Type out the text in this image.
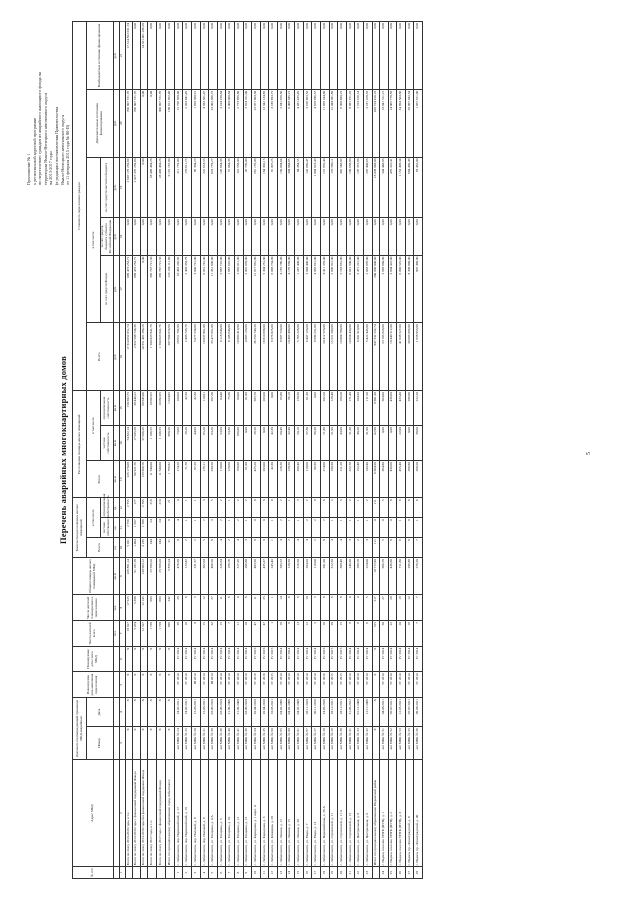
5
Приложение № 1 к региональной адресной программе по переселению граждан из аварийного жилищного фонда на территории Ямало-Ненецкого автономного округа на 2013-2017 годы (в редакции постановления Правительства Ямало-Ненецкого автономного округа от 11 февраля 2015 года № 80-П)
Перечень аварийных многоквартирных домов
№ п/п	Адрес МКД	Документ, подтверждающий признание МКД аварийным		Планируемая дата окончания переселения	Планируемая дата сноса МКД	Число жителей всего	Число жителей планируемых к переселению	Общая площадь жилых помещений МКД	Количество расселяемых жилых помещений			Расселяемая площадь жилых помещений			Стоимость переселения граждан					
		Номер	Дата						Всего	в том числе		Всего	в том числе		Всего	в том числе			Дополнительные источники финансирования	Внебюджетные источники финансирования
										частная собственность	муниципальная собственность		частная собственность	муниципальная собственность		за счет средств Фонда	за счет средств бюджета субъекта Российской Федерации	за счет средств местного бюджета		
						чел.	чел.	кв.м	ед.	ед.	ед.	кв.м	кв.м	кв.м	руб.	руб.	руб.	руб.	руб.	руб.
1	2	3	4	5	6	7	8	9	10	11	12	13	14	15	16	17	18	19	20	21
	Всего по этапу 2013-2016 годы, в т.ч.:	X	X	X	X	18 017	17 525	229 891,14	5 201	2 756	2 755	225 178,08	74 822,14	150 682,75	17 314 052 051,74	699 473 253,71	0,00	2 607 179 259,69	706 907 721,76	17 314 852 051,74
	Всего по этапу 2013-2016 годы с финансовой поддержкой Фонда	X	X	X	X	5 474	5 380	91 181,70	1 404	1 057	177	66 921,76	17 035,58	38 446,22	2 852 588 734,36	699 473 253,71	0,00	2 027 376 259,60	706 807 721,76	0,00
	Всего по этапу 2013-2016 годы без финансовой поддержки Фонда	X	X	X	X	12 527	12 145	138 663,12	3 185	1 599	2 705	155 996,76	57 056,26	98 645,06	14 351 461 286,28	0,00	0,00	0,00	0,00	14 351 461 286,28
	Всего по этапу 2017 года, в т.ч.:	X	X	X	X	1 728	683	25 599,20	244	24	210	11 540,00	1 106,55	10 092,65	1 584 823 841,76	385 767 721,50	0,00	28 468 494,26	0,00	0,00
	Всего по этапу 2017 года с финансовой поддержкой Фонда	X	X	X	X	1 728	683	25 599,20	244	24	210	11 540,00	1 106,55	10 092,65	1 584 823 841,76	385 767 721,50	0,00	28 468 494,26	306 907 721,76	0,00
	Итого по муниципальному образованию город Лабытнанги	X	X	X	X	699	242	5 859,24	21	0	21	1 799,82	998,20	1 024,05	287 904 674,90	123 194 111,80	0,00	6 101 167,00	160 611 362,40	0,00
1	г. Лабытнанги, пер. Первомайский, д. 17	акт МВК № 24	24.02.2011	IV 2014	IV 2014	28	26	476,30	8	4	4	174,20	73,60	100,60	28 951 702,80	10 493 226,82	0,00	211 779,00	15 756 568,00	0,00
2	г. Лабытнанги, пер. Первомайский, д. 19	акт МВК № 25	24.02.2011	IV 2014	IV 2014	10	6	173,82	2	1	1	71,70	29,20	42,50	2 406 733,79	2 403 333,79	0,00	170 611,73	2 203 441,45	0,00
3	г. Лабытнанги, пер. Полевой, д. 8	акт МВК № 50	15.03.2011	III 2014	IV 2014	8	5	231,57	2	1	1	87,20	44,90	42,30	5 077 234,00	3 000 721,00	0,00	99 304,23	1 958 300,91	0,00
4	г. Лабытнанги, пер. Полевой, д. 9	акт МВК № 51	15.03.2011	IV 2014	IV 2014	15	12	362,63	5	2	3	176,11	65,20	110,91	10 837 861,00	6 031 741,00	0,00	222 618,53	4 583 501,47	0,00
5	г. Лабытнанги, ул. Гагарина, д. 4 А	акт МВК № 38	03.06.2010	III 2014	IV 2014	32	27	406,50	8	3	5	330,50	63,20	267,30	35 477 691,00	11 451 606,00	0,00	623 778,27	23 402 306,73	0,00
6	г. Лабытнанги, ул. Гагарина, д. 5	акт МВК № 39	03.06.2010	IV 2014	IV 2014	15	11	226,34	4	2	2	118,00	53,60	64,40	9 118 640,00	5 887 725,00	0,00	126 664,36	3 104 250,64	0,00
7	г. Лабытнанги, ул. Гагарина, д. 10	акт МВК № 40	21.09.2009	IV 2014	IV 2014	7	6	199,76	2	1	1	128,60	53,30	75,30	8 108 640,00	1 987 625,00	0,00	51 064,36	2 060 000,64	0,00
8	г. Лабытнанги, ул. Гагарина, д. 12	акт МВК № 41	21.09.2009	IV 2014	IV 2014	11	8	317,26	4	2	2	199,00	109,00	90,00	10 890 410,80	2 882 011,00	0,00	116 558,00	2 773 999,80	0,00
9	г. Лабытнанги, ул. Гагарина, д. 15	акт МВК № 36	03.06.2010	IV 2014	IV 2014	10	8	209,80	3	1	2	61,90	0,00	61,90	4 863 120,00	2 001 070,00	0,00	47 739,00	2 814 311,00	0,00
10	г. Лабытнанги, ул. Карьерная, д. 1 корп. А	акт МВК № 34	20.04.2010	IV 2016	IV 2016	47	11	483,30	8	0	8	425,20	29,50	395,70	36 250 740,30	12 917 961,00	0,00	261 176,00	23 071 603,30	0,00
11	г. Лабытнанги, ул. Карьерная, д. 3	акт МВК № 35	20.04.2010	IV 2016	IV 2016	47	25	435,37	8	0	8	203,00	0,00	203,00	18 810 688,00	5 304 251,00	0,00	164 302,15	13 342 134,85	0,00
12	г. Лабытнанги, ул. Комарова, д. 28	акт МВК № 90	10.05.2011	IV 2015	IV 2015	1	1	245,40	1	1	0	42,30	42,30	0,00	9 376 825,00	6 098 734,00	0,00	91 097,25	3 186 993,75	0,00
13	г. Лабытнанги, ул. Ленина, д. 12	акт МВК № 95	04.02.2009	IV 2014	IV 2014	18	14	205,53	4	2	2	126,20	60,40	65,80	6 987 720,00	4 195 786,00	0,00	150 004,64	2 641 929,36	0,00
14	г. Лабытнанги, ул. Ленина, д. 15	акт МВК № 80	04.02.2009	IV 2014	IV 2014	9	6	128,50	2	1	1	128,50	32,40	96,10	10 493 480,00	4 179 950,00	0,00	304 884,85	6 008 645,15	0,00
15	г. Лабытнанги, ул. Ленина, д. 20	акт МВК № 81	04.02.2009	IV 2014	IV 2014	13	9	319,50	4	1	3	208,40	50,10	158,30	5 763 228,00	1 247 408,00	0,00	84 384,55	4 431 435,45	0,00
16	г. Лабытнанги, ул. Мира, д. 7	акт МВК № 97	03.11.2010	IV 2014	IV 2014	12	10	264,20	4	2	2	118,60	57,30	61,30	6 407 120,00	3 098 406,00	0,00	142 050,47	3 166 663,53	0,00
17	г. Лабытнанги, ул. Мира, д. 13	акт МВК № 27	30.11.2010	IV 2014	IV 2014	5	5	110,00	2	2	0	89,30	89,30	0,00	9 989 231,00	4 085 621,00	0,00	1 084 623,43	4 818 986,57	0,00
18	г. Лабытнанги, ул. Первомайская, д. 28 А	акт МВК № 28	24.05.2016	IV 2016	IV 2016	10	8	501,00	8	2	6	274,00	71,80	202,20	20 412 570,00	8 411 370,00	0,00	172 955,40	11 828 244,60	0,00
19	г. Лабытнанги, ул. Строителей, д. 11	акт МВК № 29	28.12.2011	IV 2015	IV 2015	28	6	312,50	4	1	3	180,30	51,90	128,40	15 521 500,00	2 906 812,00	0,00	170 596,11	12 444 091,89	0,00
20	г. Лабытнанги, ул. Строителей, д. 11 А	акт МВК № 30	28.12.2011	IV 2015	IV 2015	15	8	308,40	4	1	3	211,20	43,00	168,20	14 864 700,00	5 193 661,00	0,00	362 548,82	9 308 490,18	0,00
21	г. Лабытнанги, ул. Строителей, д. 15	акт МВК № 31	31.05.2012	IV 2014	IV 2014	9	8	246,30	3	1	2	222,70	51,30	171,40	14 854 430,00	6 021 500,00	0,00	150 958,90	8 681 971,10	0,00
22	г. Лабытнанги, ул. Центральная, д. 8	акт МВК № 33	01.12.2009	IV 2014	IV 2014	6	4	208,70	2	1	1	152,40	48,20	104,20	4 301 910,00	2 471 221,00	0,00	107 372,86	1 723 316,14	0,00
23	г. Лабытнанги, ул. Центральная, д. 9	акт МВК № 32	12.11.2009	IV 2014	IV 2014	6	5	224,00	3	1	2	143,40	31,90	111,50	5 422 445,00	2 033 876,00	0,00	207 400,65	3 181 168,35	0,00
	Итого по муниципальному образованию Надымский район	X	X	X	X	515	517	10 772,90	111	0	111	6 664,20	62,90	6 601,30	847 332 232,74	200 960 000,00	0,00	18 038 948,00	629 724 416,18	0,00
24	г. Надым, поселок УПТК (ПУН), д. 1	акт МВК № 51	04.08.2011	IV 2014	IV 2014	30	27	696,78	5	0	5	364,80	0,00	364,80	23 185 920,00	3 999 960,00	0,00	344 448,85	18 841 511,15	0,00
25	г. Надым, поселок УПТК (ПУН), д. 2	акт МВК № 52	05.07.2011	IV 2014	IV 2014	22	20	436,60	8	0	8	436,60	0,00	436,60	18 440 512,00	3 904 416,00	0,00	470 316,41	14 065 779,59	0,00
26	г. Надым, поселок УПТК (ПУН), д. 3	акт МВК № 53	12.05.2011	IV 2014	IV 2014	20	19	711,80	9	1	8	455,40	22,00	433,40	41 938 527,00	6 090 525,00	0,00	1 153 498,34	34 694 503,66	0,00
27	г. Надым, пр. Ленинградский, д. 8	акт МВК № 55	07.07.2011	IV 2014	IV 2014	16	12	289,80	8	0	8	289,80	0,00	289,80	30 085 999,00	8 308 890,00	0,00	684 436,46	20 907 032,54	0,00
28	г. Надым, пр. Ленинградский, д. 40	акт МВК № 56	09.08.2011	IV 2014	IV 2014	7	7	279,20	7	1	6	260,20	38,00	222,20	1 958 853,00	807 490,00	0,00	93 452,00	1 057 911,00	0,00
